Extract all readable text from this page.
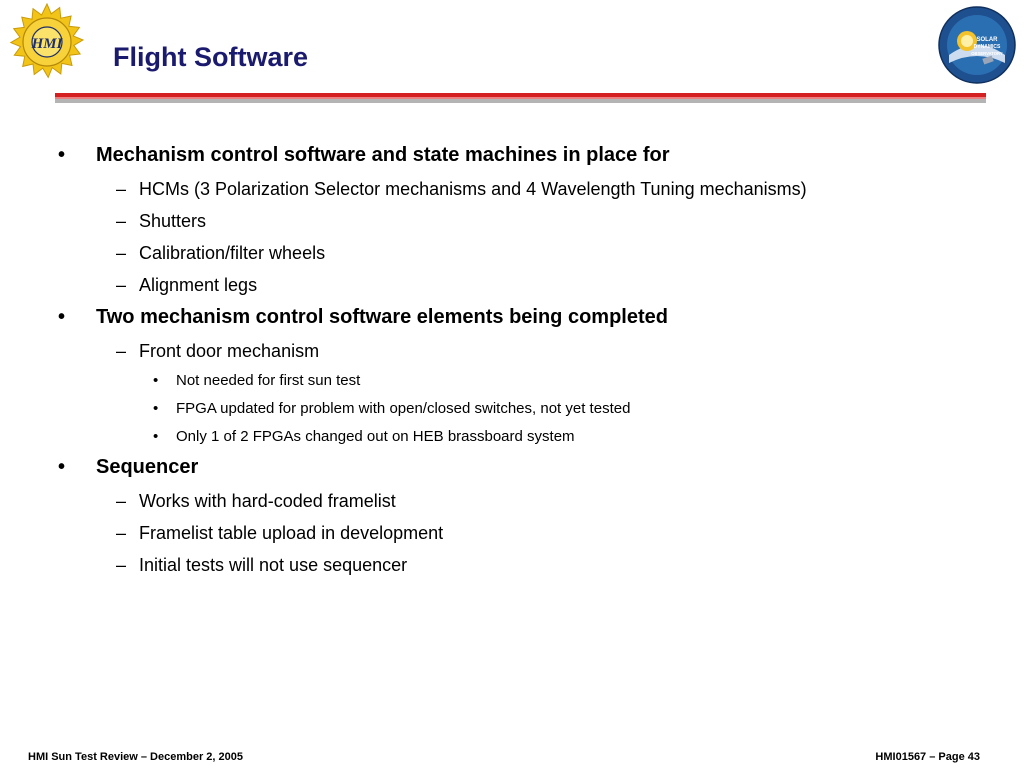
HMI Flight Software
SOLAR
DYNAMICS
OBSERVATORY
• Mechanism control software and state machines in place for
– HCMs (3 Polarization Selector mechanisms and 4 Wavelength Tuning mechanisms)
– Shutters
– Calibration/filter wheels
– Alignment legs
• Two mechanism control software elements being completed
– Front door mechanism
• Not needed for first sun test
• FPGA updated for problem with open/closed switches, not yet tested
• Only 1 of 2 FPGAs changed out on HEB brassboard system
• Sequencer
– Works with hard-coded framelist
– Framelist table upload in development
– Initial tests will not use sequencer
HMI Sun Test Review – December 2, 2005	HMI01567 – Page 43
